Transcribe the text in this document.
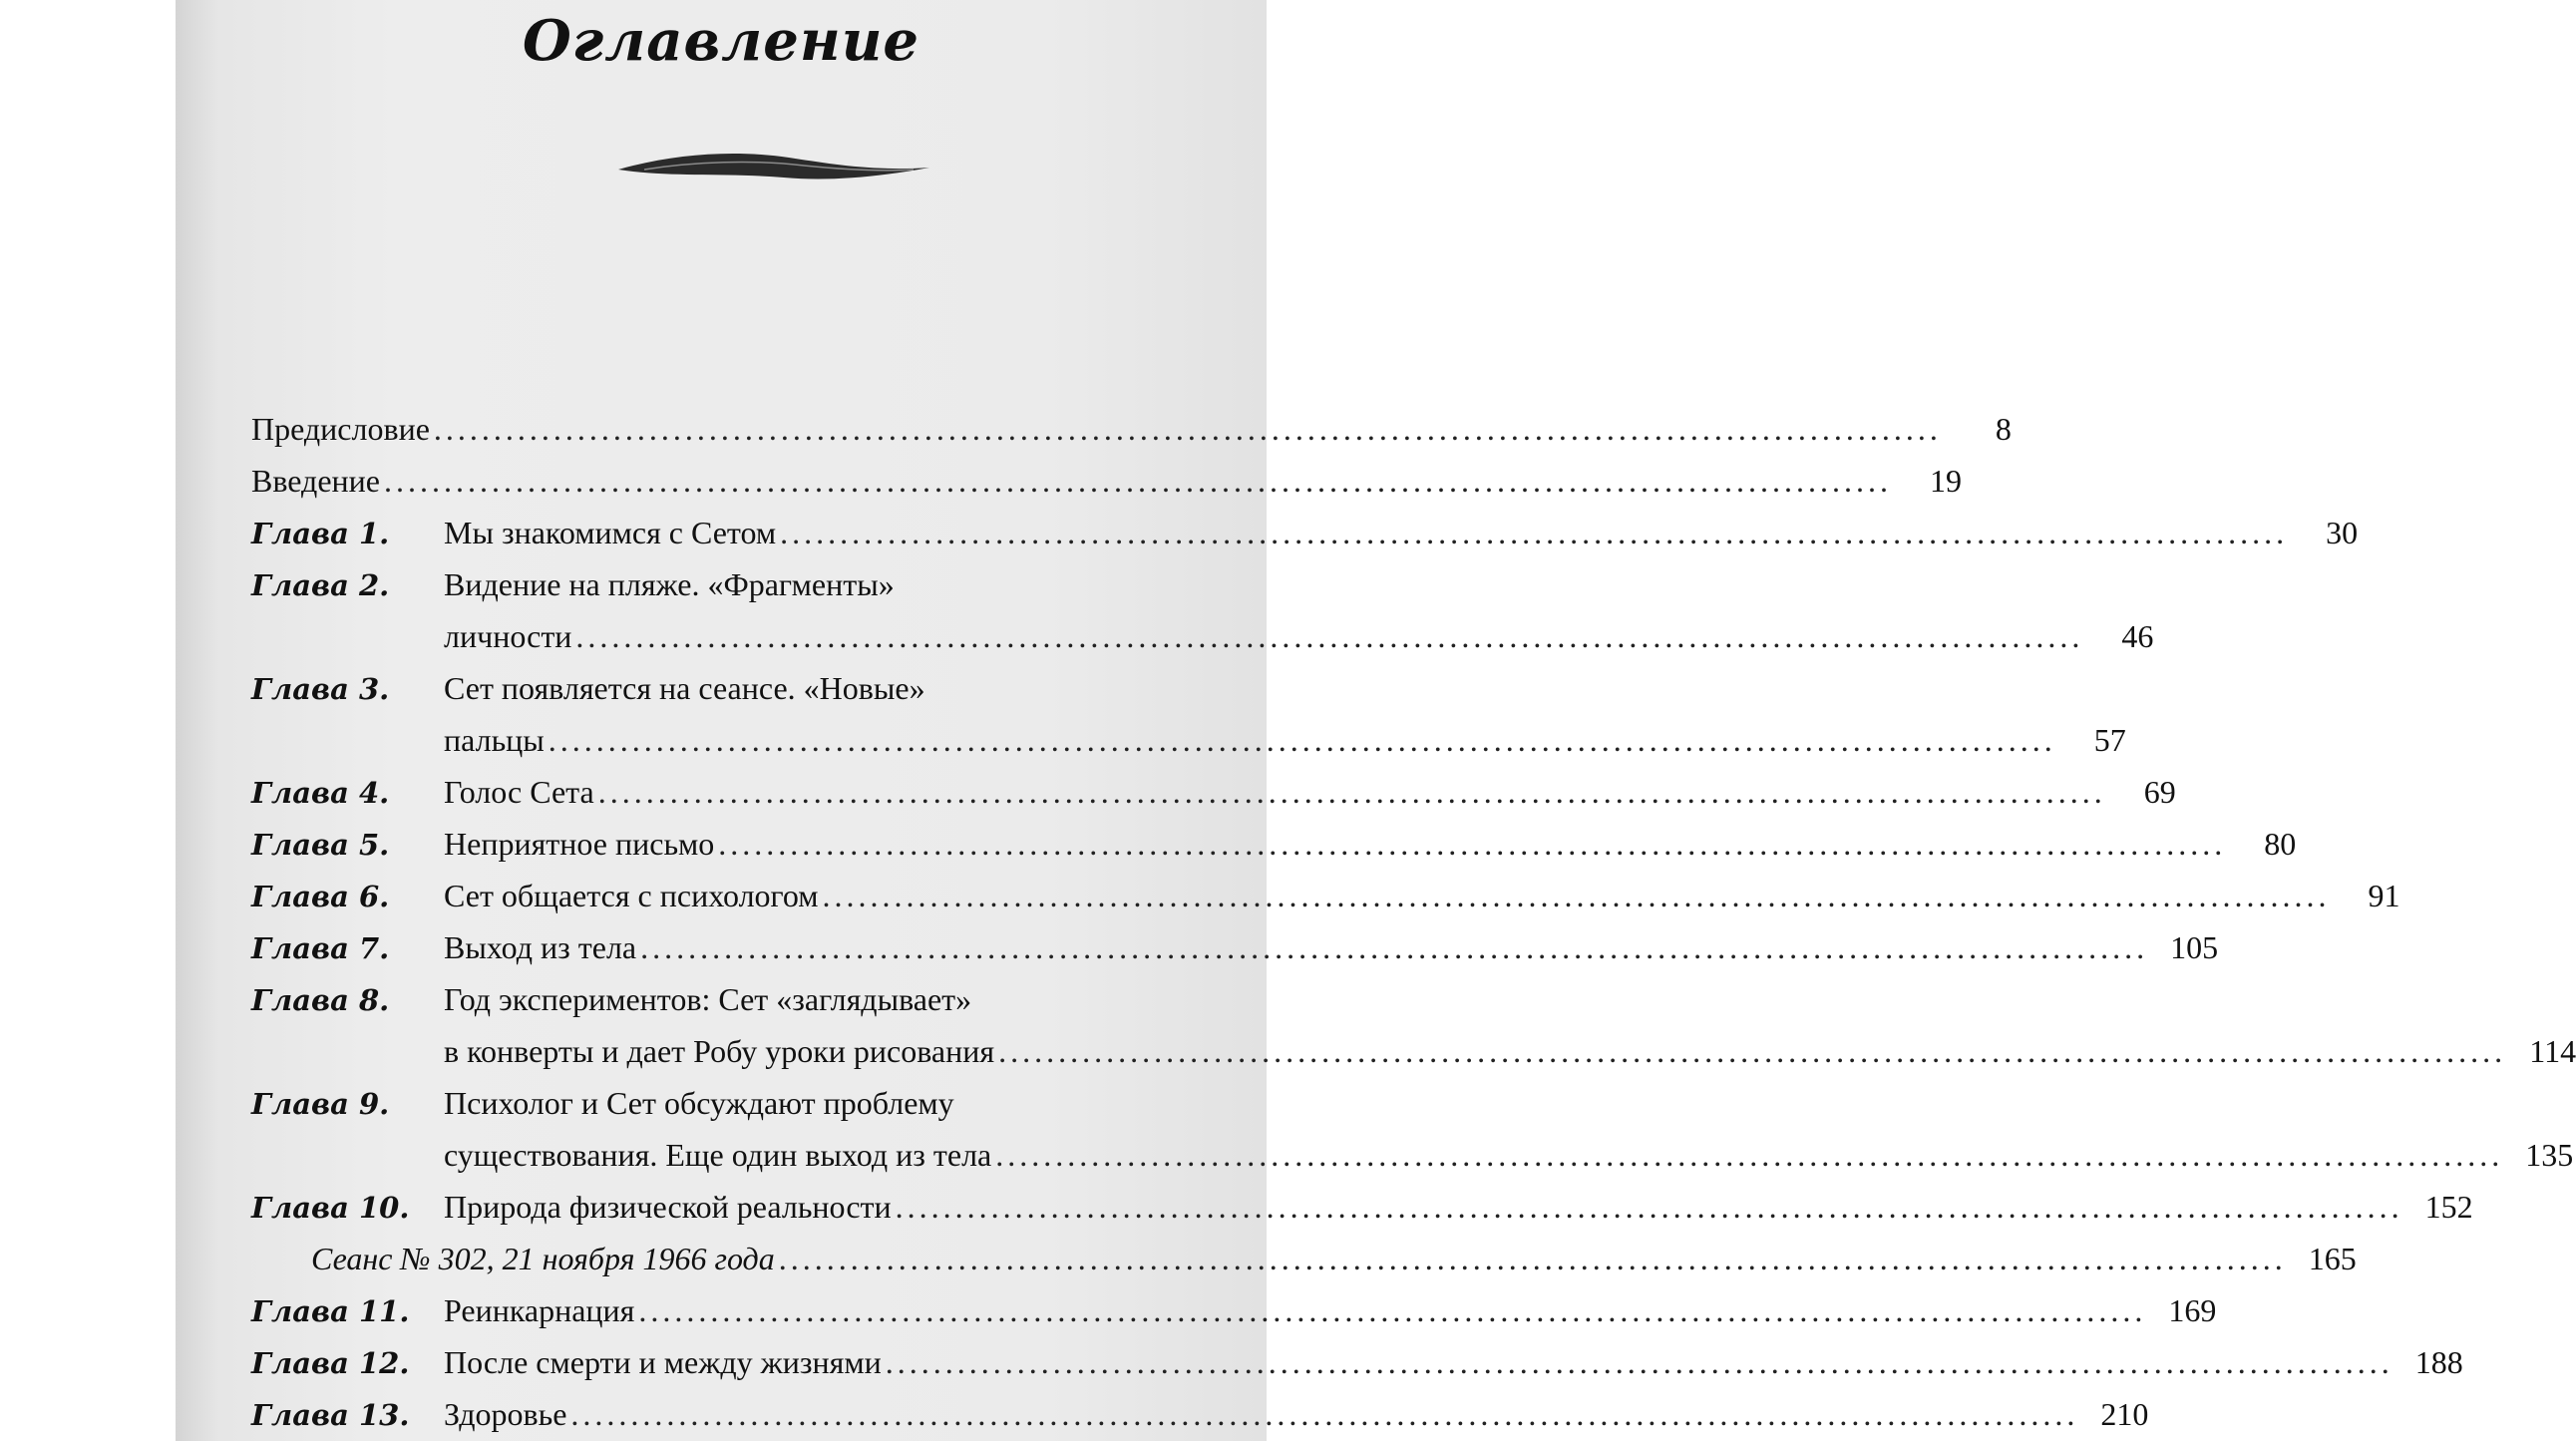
Оглавление
Предисловие ..............................................................................................................................	8
Введение ..............................................................................................................................	19
Глава 1.	Мы знакомимся с Сетом ..............................................................................................................................	30
Глава 2.	Видение на пляже. «Фрагменты»
личности ..............................................................................................................................	46
Глава 3.	Сет появляется на сеансе. «Новые»
пальцы ..............................................................................................................................	57
Глава 4.	Голос Сета ..............................................................................................................................	69
Глава 5.	Неприятное письмо ..............................................................................................................................	80
Глава 6.	Сет общается с психологом ..............................................................................................................................	91
Глава 7.	Выход из тела .............................................................................................................................. 105
Глава 8.	Год экспериментов: Сет «заглядывает»
в конверты и дает Робу уроки рисования .............................................................................................................................. 114
Глава 9.	Психолог и Сет обсуждают проблему
существования. Еще один выход из тела .............................................................................................................................. 135
Глава 10.	Природа физической реальности .............................................................................................................................. 152
Сеанс № 302, 21 ноября 1966 года .............................................................................................................................. 165
Глава 11.	Реинкарнация .............................................................................................................................. 169
Глава 12.	После смерти и между жизнями .............................................................................................................................. 188
Глава 13.	Здоровье .............................................................................................................................. 210
